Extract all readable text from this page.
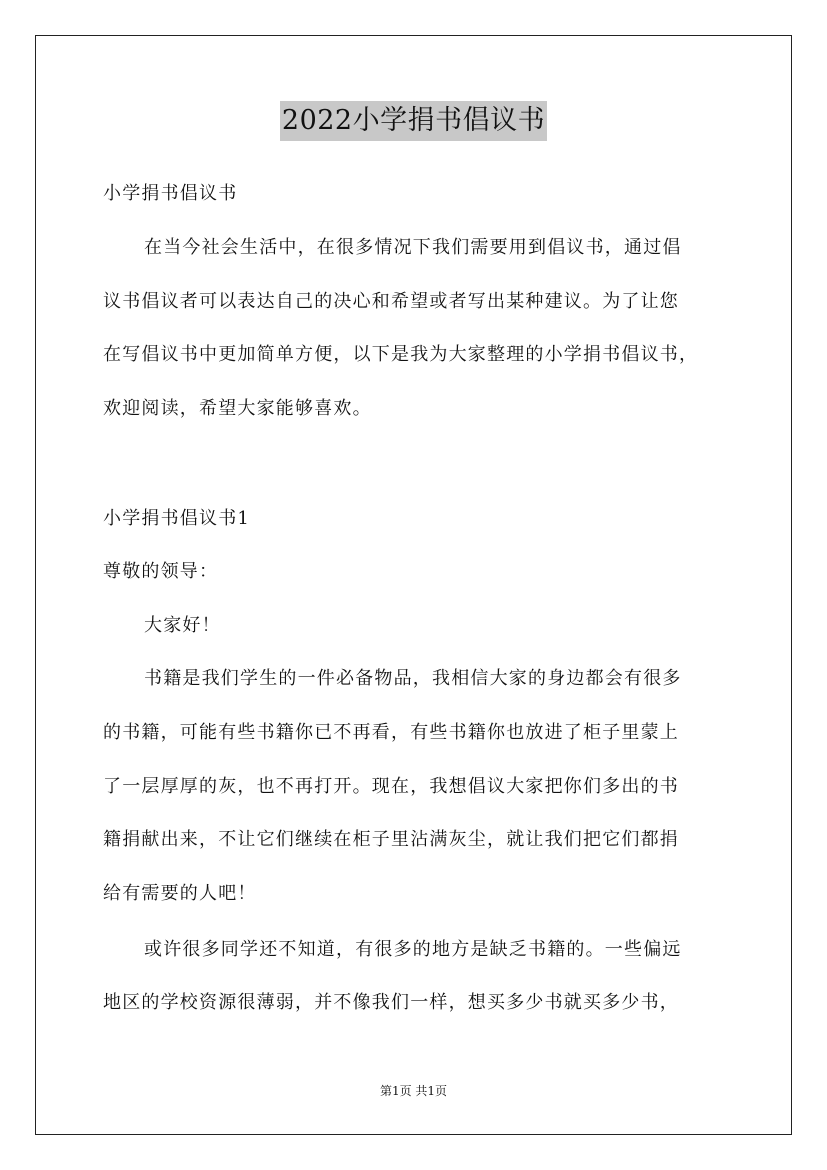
2022小学捐书倡议书
小学捐书倡议书
在当今社会生活中，在很多情况下我们需要用到倡议书，通过倡
议书倡议者可以表达自己的决心和希望或者写出某种建议。为了让您
在写倡议书中更加简单方便，以下是我为大家整理的小学捐书倡议书，
欢迎阅读，希望大家能够喜欢。
小学捐书倡议书1
尊敬的领导：
大家好！
书籍是我们学生的一件必备物品，我相信大家的身边都会有很多
的书籍，可能有些书籍你已不再看，有些书籍你也放进了柜子里蒙上
了一层厚厚的灰，也不再打开。现在，我想倡议大家把你们多出的书
籍捐献出来，不让它们继续在柜子里沾满灰尘，就让我们把它们都捐
给有需要的人吧！
或许很多同学还不知道，有很多的地方是缺乏书籍的。一些偏远
地区的学校资源很薄弱，并不像我们一样，想买多少书就买多少书，
第1页 共1页
